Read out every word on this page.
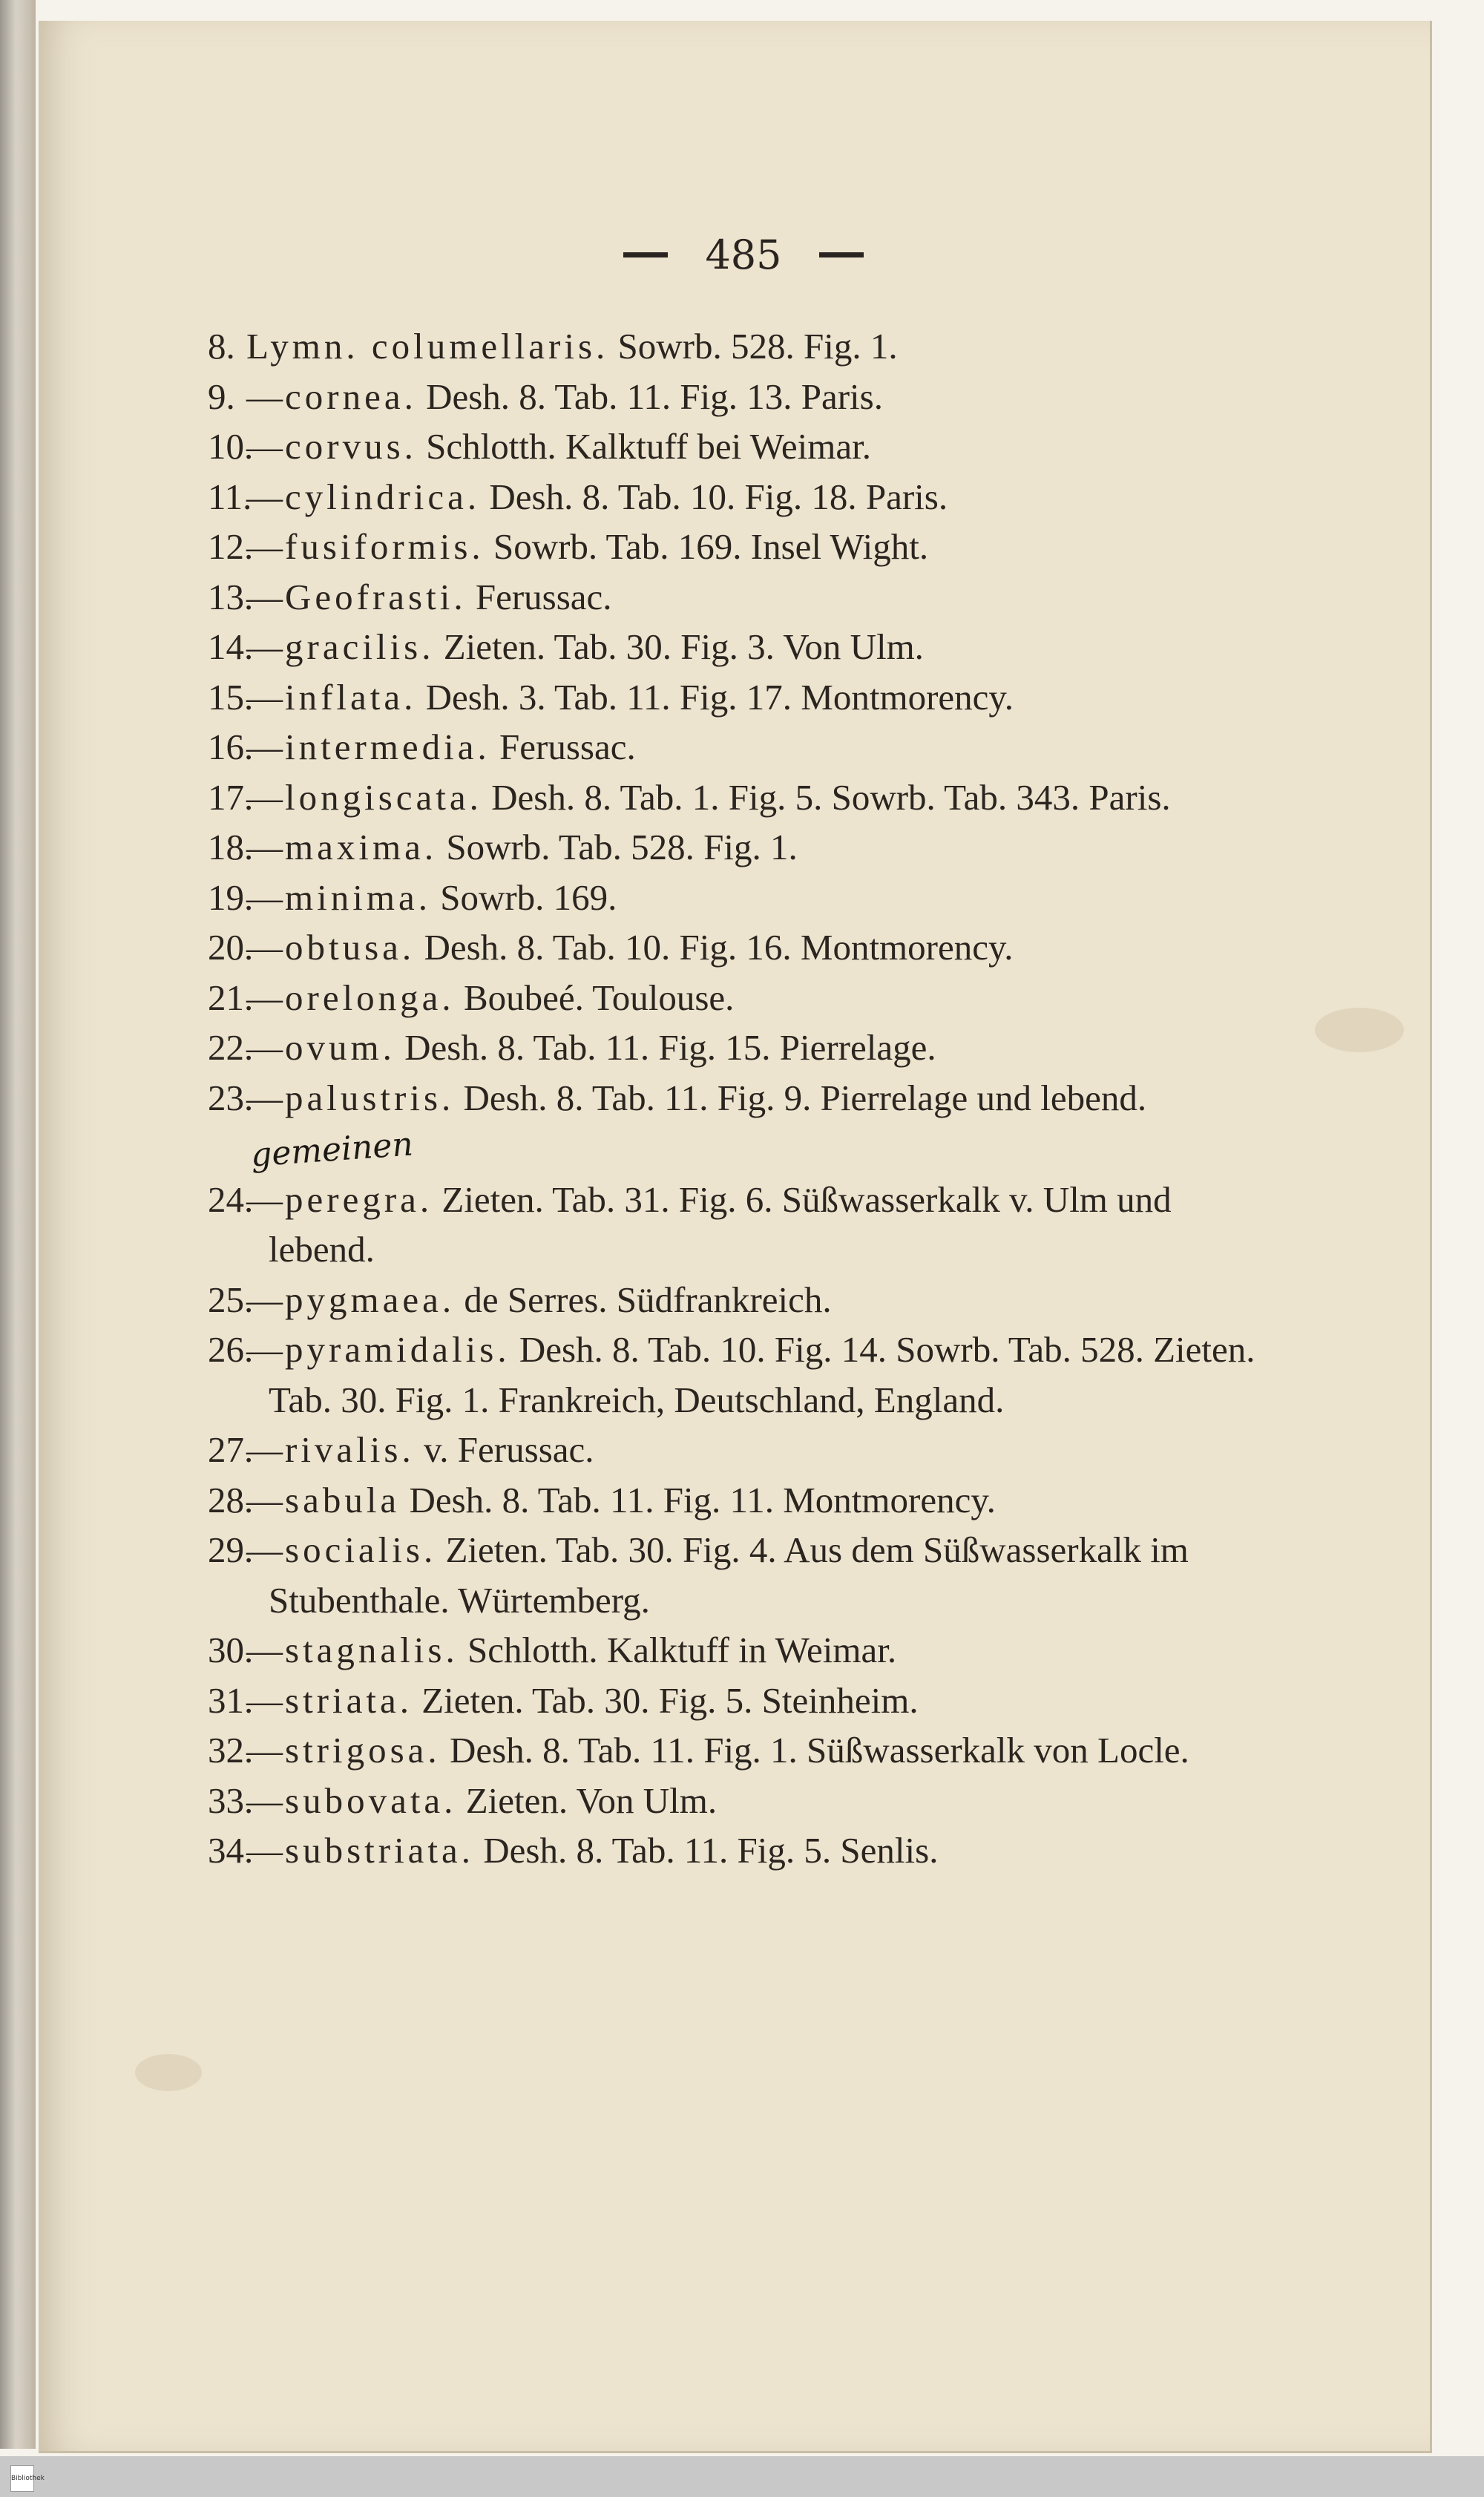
485
8. Lymn. columellaris. Sowrb. 528. Fig. 1.
9. —cornea. Desh. 8. Tab. 11. Fig. 13. Paris.
10.
—corvus. Schlotth. Kalktuff bei Weimar.
11.
—cylindrica. Desh. 8. Tab. 10. Fig. 18. Paris.
12.
—fusiformis. Sowrb. Tab. 169. Insel Wight.
13.
—Geofrasti. Ferussac.
14.
—gracilis. Zieten. Tab. 30. Fig. 3. Von Ulm.
15.
—inflata. Desh. 3. Tab. 11. Fig. 17. Montmorency.
16.
—intermedia. Ferussac.
17.
—longiscata. Desh. 8. Tab. 1. Fig. 5. Sowrb. Tab. 343. Paris.
18.
—maxima. Sowrb. Tab. 528. Fig. 1.
19.
—minima. Sowrb. 169.
20.
—obtusa. Desh. 8. Tab. 10. Fig. 16. Montmorency.
21.
—orelonga. Boubeé. Toulouse.
22.
—ovum. Desh. 8. Tab. 11. Fig. 15. Pierrelage.
23.
—palustris. Desh. 8. Tab. 11. Fig. 9. Pierrelage und lebend.gemeinen
24.
—peregra. Zieten. Tab. 31. Fig. 6. Süßwasserkalk v. Ulm und lebend.
25.
—pygmaea. de Serres. Südfrankreich.
26.
—pyramidalis. Desh. 8. Tab. 10. Fig. 14. Sowrb. Tab. 528. Zieten. Tab. 30. Fig. 1. Frankreich, Deutschland, England.
27.
—rivalis. v. Ferussac.
28.
—sabula Desh. 8. Tab. 11. Fig. 11. Montmorency.
29.
—socialis. Zieten. Tab. 30. Fig. 4. Aus dem Süßwasserkalk im Stubenthale. Würtemberg.
30.
—stagnalis. Schlotth. Kalktuff in Weimar.
31.
—striata. Zieten. Tab. 30. Fig. 5. Steinheim.
32.
—strigosa. Desh. 8. Tab. 11. Fig. 1. Süßwasserkalk von Locle.
33.
—subovata. Zieten. Von Ulm.
34.
—substriata. Desh. 8. Tab. 11. Fig. 5. Senlis.
Bibliothek
